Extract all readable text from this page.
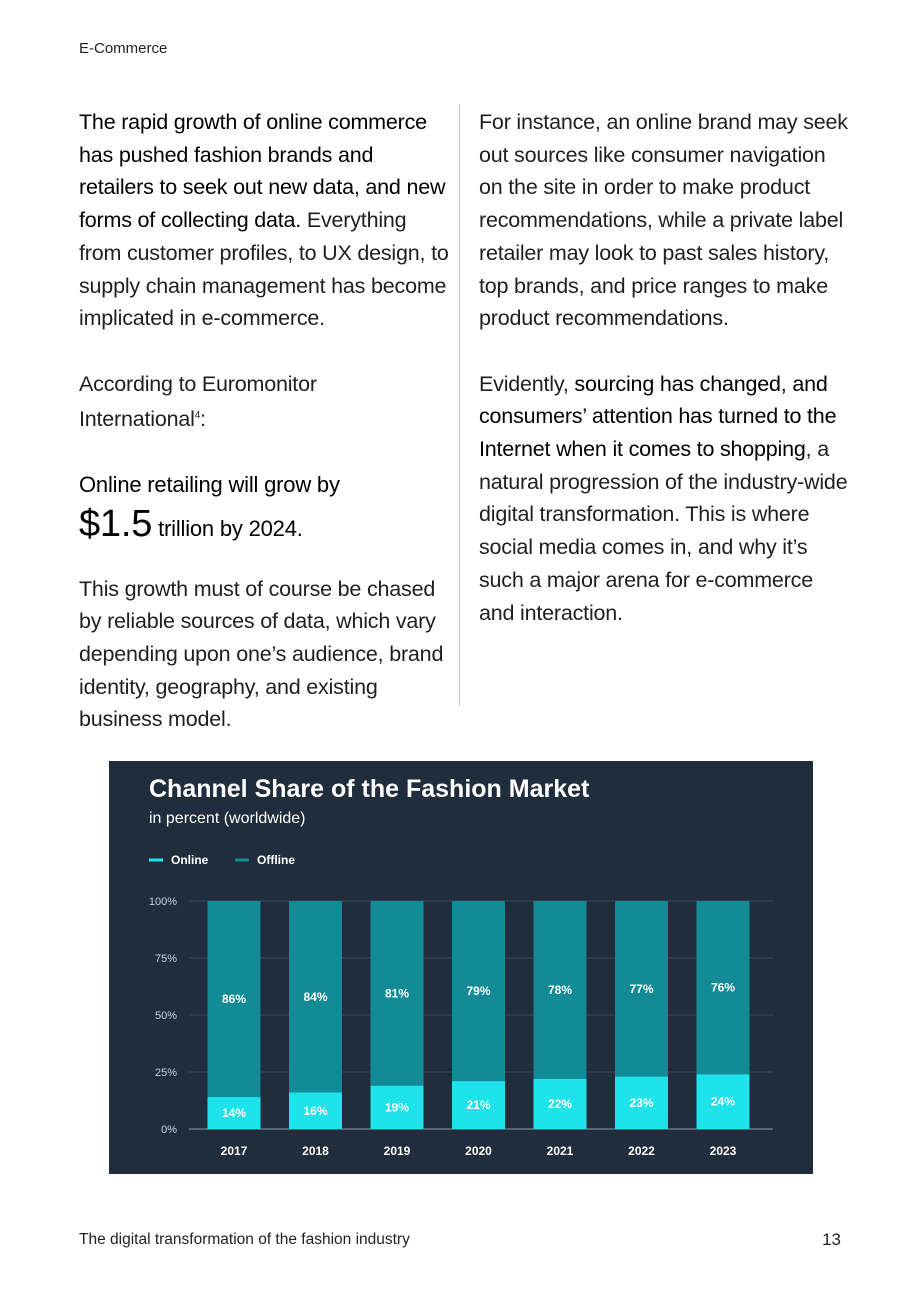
E-Commerce

The rapid growth of online commerce has pushed fashion brands and retailers to seek out new data, and new forms of collecting data. Everything from customer profiles, to UX design, to supply chain management has become implicated in e-commerce.

According to Euromonitor International$^4$:

Online retailing will grow by
$1.5 trillion by 2024.

This growth must of course be chased by reliable sources of data, which vary depending upon one’s audience, brand identity, geography, and existing business model.

For instance, an online brand may seek out sources like consumer navigation on the site in order to make product recommendations, while a private label retailer may look to past sales history, top brands, and price ranges to make product recommendations.

Evidently, sourcing has changed, and consumers’ attention has turned to the Internet when it comes to shopping, a natural progression of the industry-wide digital transformation. This is where social media comes in, and why it’s such a major arena for e-commerce and interaction.

Channel Share of the Fashion Market
in percent (worldwide)
Online	Offline
0%
25%
50%
75%
100%
86%
14%
84%
16%
81%
19%
79%
21%
78%
22%
77%
23%
76%
24%
2017	2018	2019	2020	2021	2022	2023
The digital transformation of the fashion industry	13
